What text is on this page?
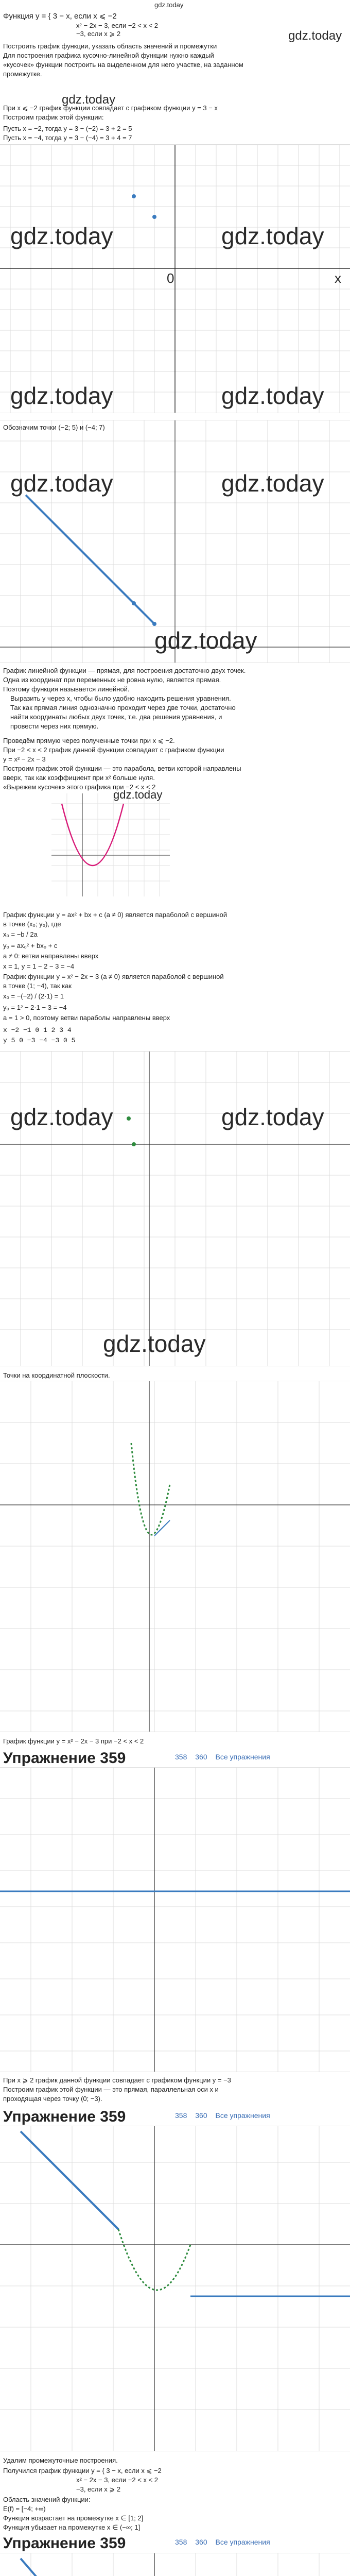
gdz.today
Функция y = { 3 − x, если x ⩽ −2
x² − 2x − 3, если −2 < x < 2
−3, если x ⩾ 2	gdz.today
Построить график функции, указать область значений и промежутки
Для построения графика кусочно-линейной функции нужно каждый
«кусочек» функции построить на выделенном для него участке, на заданном
промежутке.
gdz.today
При x ⩽ −2 график функции совпадает с графиком функции y = 3 − x
Построим график этой функции:
Пусть x = −2, тогда y = 3 − (−2) = 3 + 2 = 5
Пусть x = −4, тогда y = 3 − (−4) = 3 + 4 = 7
gdz.today	gdz.today
0	x
gdz.today	gdz.today
Обозначим точки (−2; 5) и (−4; 7)
gdz.today	gdz.today
gdz.today
График линейной функции — прямая, для построения достаточно двух точек.
Одна из координат при переменных не ровна нулю, является прямая.
Поэтому функция называется линейной.
Выразить у через x, чтобы было удобно находить решения уравнения.
Так как прямая линия однозначно проходит через две точки, достаточно
найти координаты любых двух точек, т.е. два решения уравнения, и
провести через них прямую.
Проведём прямую через полученные точки при x ⩽ −2.
При −2 < x < 2 график данной функции совпадает с графиком функции
y = x² − 2x − 3
Построим график этой функции — это парабола, ветви которой направлены
вверх, так как коэффициент при x² больше нуля.
«Вырежем кусочек» этого графика при −2 < x < 2
gdz.today
График функции y = ax² + bx + c (a ≠ 0) является параболой с вершиной
в точке (x₀; y₀), где
x₀ = −b / 2a
y₀ = ax₀² + bx₀ + c
a ≠ 0: ветви направлены вверх
x = 1, y = 1 − 2 − 3 = −4
График функции y = x² − 2x − 3 (a ≠ 0) является параболой с вершиной
в точке (1; −4), так как
x₀ = −(−2) / (2·1) = 1
y₀ = 1² − 2·1 − 3 = −4
a = 1 > 0, поэтому ветви параболы направлены вверх
x −2 −1 0 1 2 3 4
y 5 0 −3 −4 −3 0 5
gdz.today	gdz.today
gdz.today
Точки на координатной плоскости.
График функции y = x² − 2x − 3 при −2 < x < 2
Упражнение 359	358 360 Все упражнения
При x ⩾ 2 график данной функции совпадает с графиком функции y = −3
Построим график этой функции — это прямая, параллельная оси x и
проходящая через точку (0; −3).
Упражнение 359	358 360 Все упражнения
Удалим промежуточные построения.
Получился график функции y = { 3 − x, если x ⩽ −2
x² − 2x − 3, если −2 < x < 2
−3, если x ⩾ 2
Область значений функции:
E(f) = [−4; +∞)
Функция возрастает на промежутке x ∈ [1; 2]
Функция убывает на промежутке x ∈ (−∞; 1]
Упражнение 359	358 360 Все упражнения
